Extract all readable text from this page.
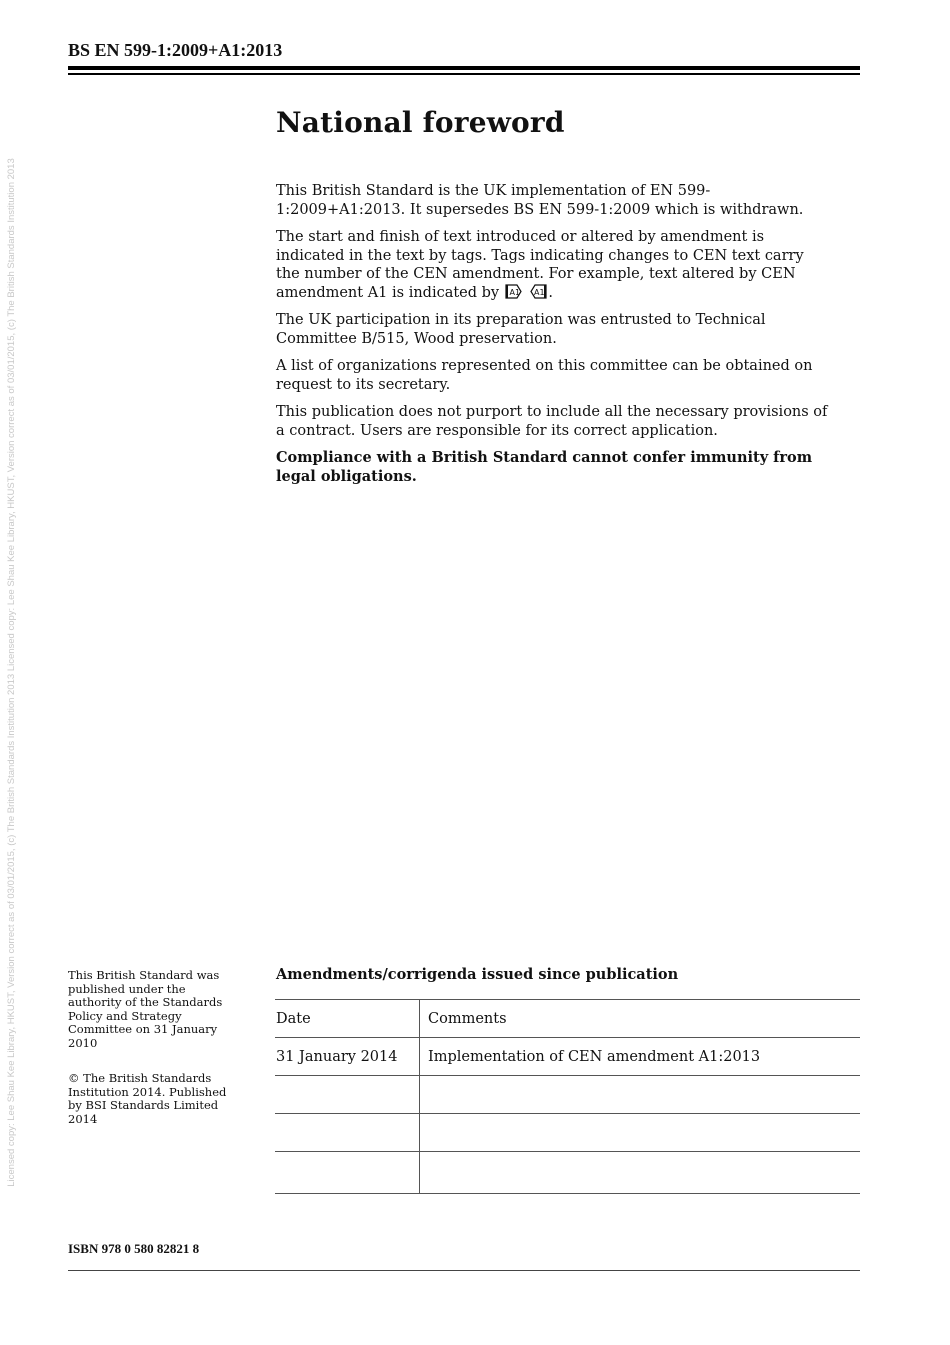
Licensed copy: Lee Shau Kee Library, HKUST, Version correct as of 03/01/2015, (c) The British Standards Institution 2013 Licensed copy: Lee Shau Kee Library, HKUST, Version correct as of 03/01/2015, (c) The British Standards Institution 2013
BS EN 599-1:2009+A1:2013
National foreword

This British Standard is the UK implementation of EN 599-1:2009+A1:2013. It supersedes BS EN 599-1:2009 which is withdrawn.

The start and finish of text introduced or altered by amendment is indicated in the text by tags. Tags indicating changes to CEN text carry the number of the CEN amendment. For example, text altered by CEN amendment A1 is indicated by A1
A1 .

The UK participation in its preparation was entrusted to Technical Committee B/515, Wood preservation.

A list of organizations represented on this committee can be obtained on request to its secretary.

This publication does not purport to include all the necessary provisions of a contract. Users are responsible for its correct application.

Compliance with a British Standard cannot confer immunity from legal obligations.

This British Standard was published under the authority of the Standards Policy and Strategy Committee on 31 January 2010

© The British Standards Institution 2014. Published by BSI Standards Limited 2014

Amendments/corrigenda issued since publication
Date	Comments
31 January 2014	Implementation of CEN amendment A1:2013

ISBN 978 0 580 82821 8
